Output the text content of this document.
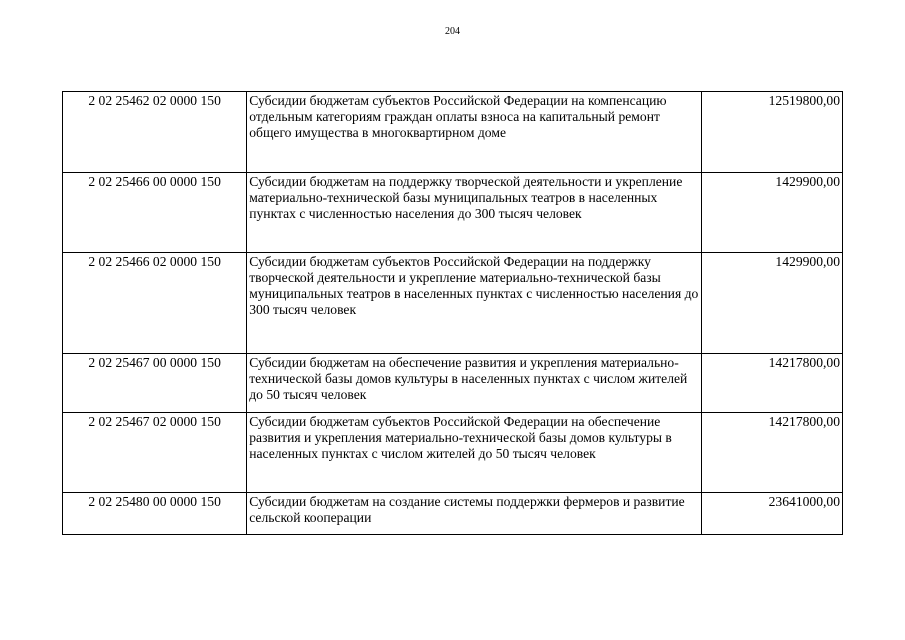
204
2 02 25462 02 0000 150	Субсидии бюджетам субъектов Российской Федерации на компенсацию отдельным категориям граждан оплаты взноса на капитальный ремонт общего имущества в многоквартирном доме	12519800,00
2 02 25466 00 0000 150	Субсидии бюджетам на поддержку творческой деятельности и укрепление материально-технической базы муниципальных театров в населенных пунктах с численностью населения до 300 тысяч человек	1429900,00
2 02 25466 02 0000 150	Субсидии бюджетам субъектов Российской Федерации на поддержку творческой деятельности и укрепление материально-технической базы муниципальных театров в населенных пунктах с численностью населения до 300 тысяч человек	1429900,00
2 02 25467 00 0000 150	Субсидии бюджетам на обеспечение развития и укрепления материально-технической базы домов культуры в населенных пунктах с числом жителей до 50 тысяч человек	14217800,00
2 02 25467 02 0000 150	Субсидии бюджетам субъектов Российской Федерации на обеспечение развития и укрепления материально-технической базы домов культуры в населенных пунктах с числом жителей до 50 тысяч человек	14217800,00
2 02 25480 00 0000 150	Субсидии бюджетам на создание системы поддержки фермеров и развитие сельской кооперации	23641000,00
